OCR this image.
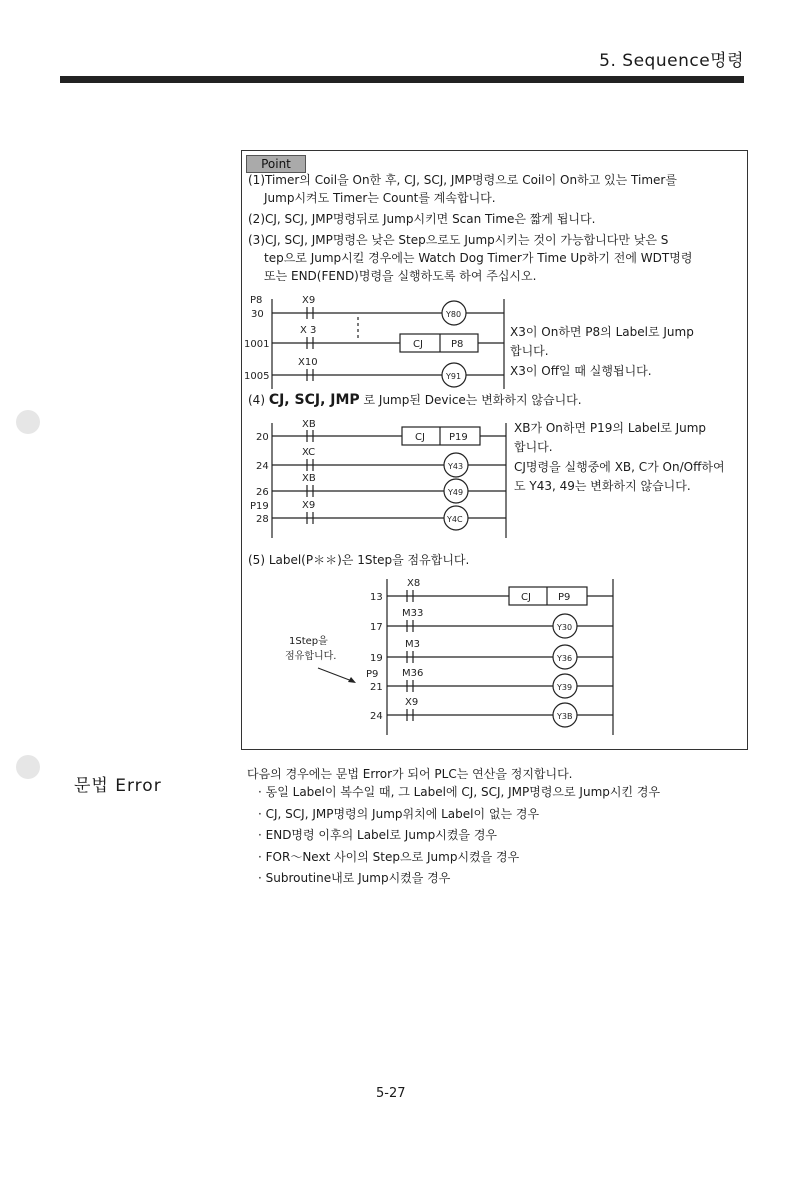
5. Sequence명령
Point
(1)Timer의 Coil을 On한 후, CJ, SCJ, JMP명령으로 Coil이 On하고 있는 Timer를
Jump시켜도 Timer는 Count를 계속합니다.
(2)CJ, SCJ, JMP명령뒤로 Jump시키면 Scan Time은 짧게 됩니다.
(3)CJ, SCJ, JMP명령은 낮은 Step으로도 Jump시키는 것이 가능합니다만 낮은 S
tep으로 Jump시킬 경우에는 Watch Dog Timer가 Time Up하기 전에 WDT명령
또는 END(FEND)명령을 실행하도록 하여 주십시오.
P8
30
1001
1005
X9
X 3
X10
Y80
Y91
CJ	P8
X3이 On하면 P8의 Label로 Jump
합니다.
X3이 Off일 때 실행됩니다.
(4) CJ, SCJ, JMP 로 Jump된 Device는 변화하지 않습니다.
20
24
26
P19
28
XB
XC
XB
X9
CJ P19
Y43
Y49
Y4C
XB가 On하면 P19의 Label로 Jump
합니다.
CJ명령을 실행중에 XB, C가 On/Off하여
도 Y43, 49는 변화하지 않습니다.
(5) Label(P＊＊)은 1Step을 점유합니다.
13
17
19
P9
21
24
X8
M33
M3
M36
X9
CJ	P9
Y30
Y36
Y39
Y3B
1Step을
점유합니다.
문법 Error
다음의 경우에는 문법 Error가 되어 PLC는 연산을 정지합니다.
· 동일 Label이 복수일 때, 그 Label에 CJ, SCJ, JMP명령으로 Jump시킨 경우
· CJ, SCJ, JMP명령의 Jump위치에 Label이 없는 경우
· END명령 이후의 Label로 Jump시켰을 경우
· FOR～Next 사이의 Step으로 Jump시켰을 경우
· Subroutine내로 Jump시켰을 경우
5-27
